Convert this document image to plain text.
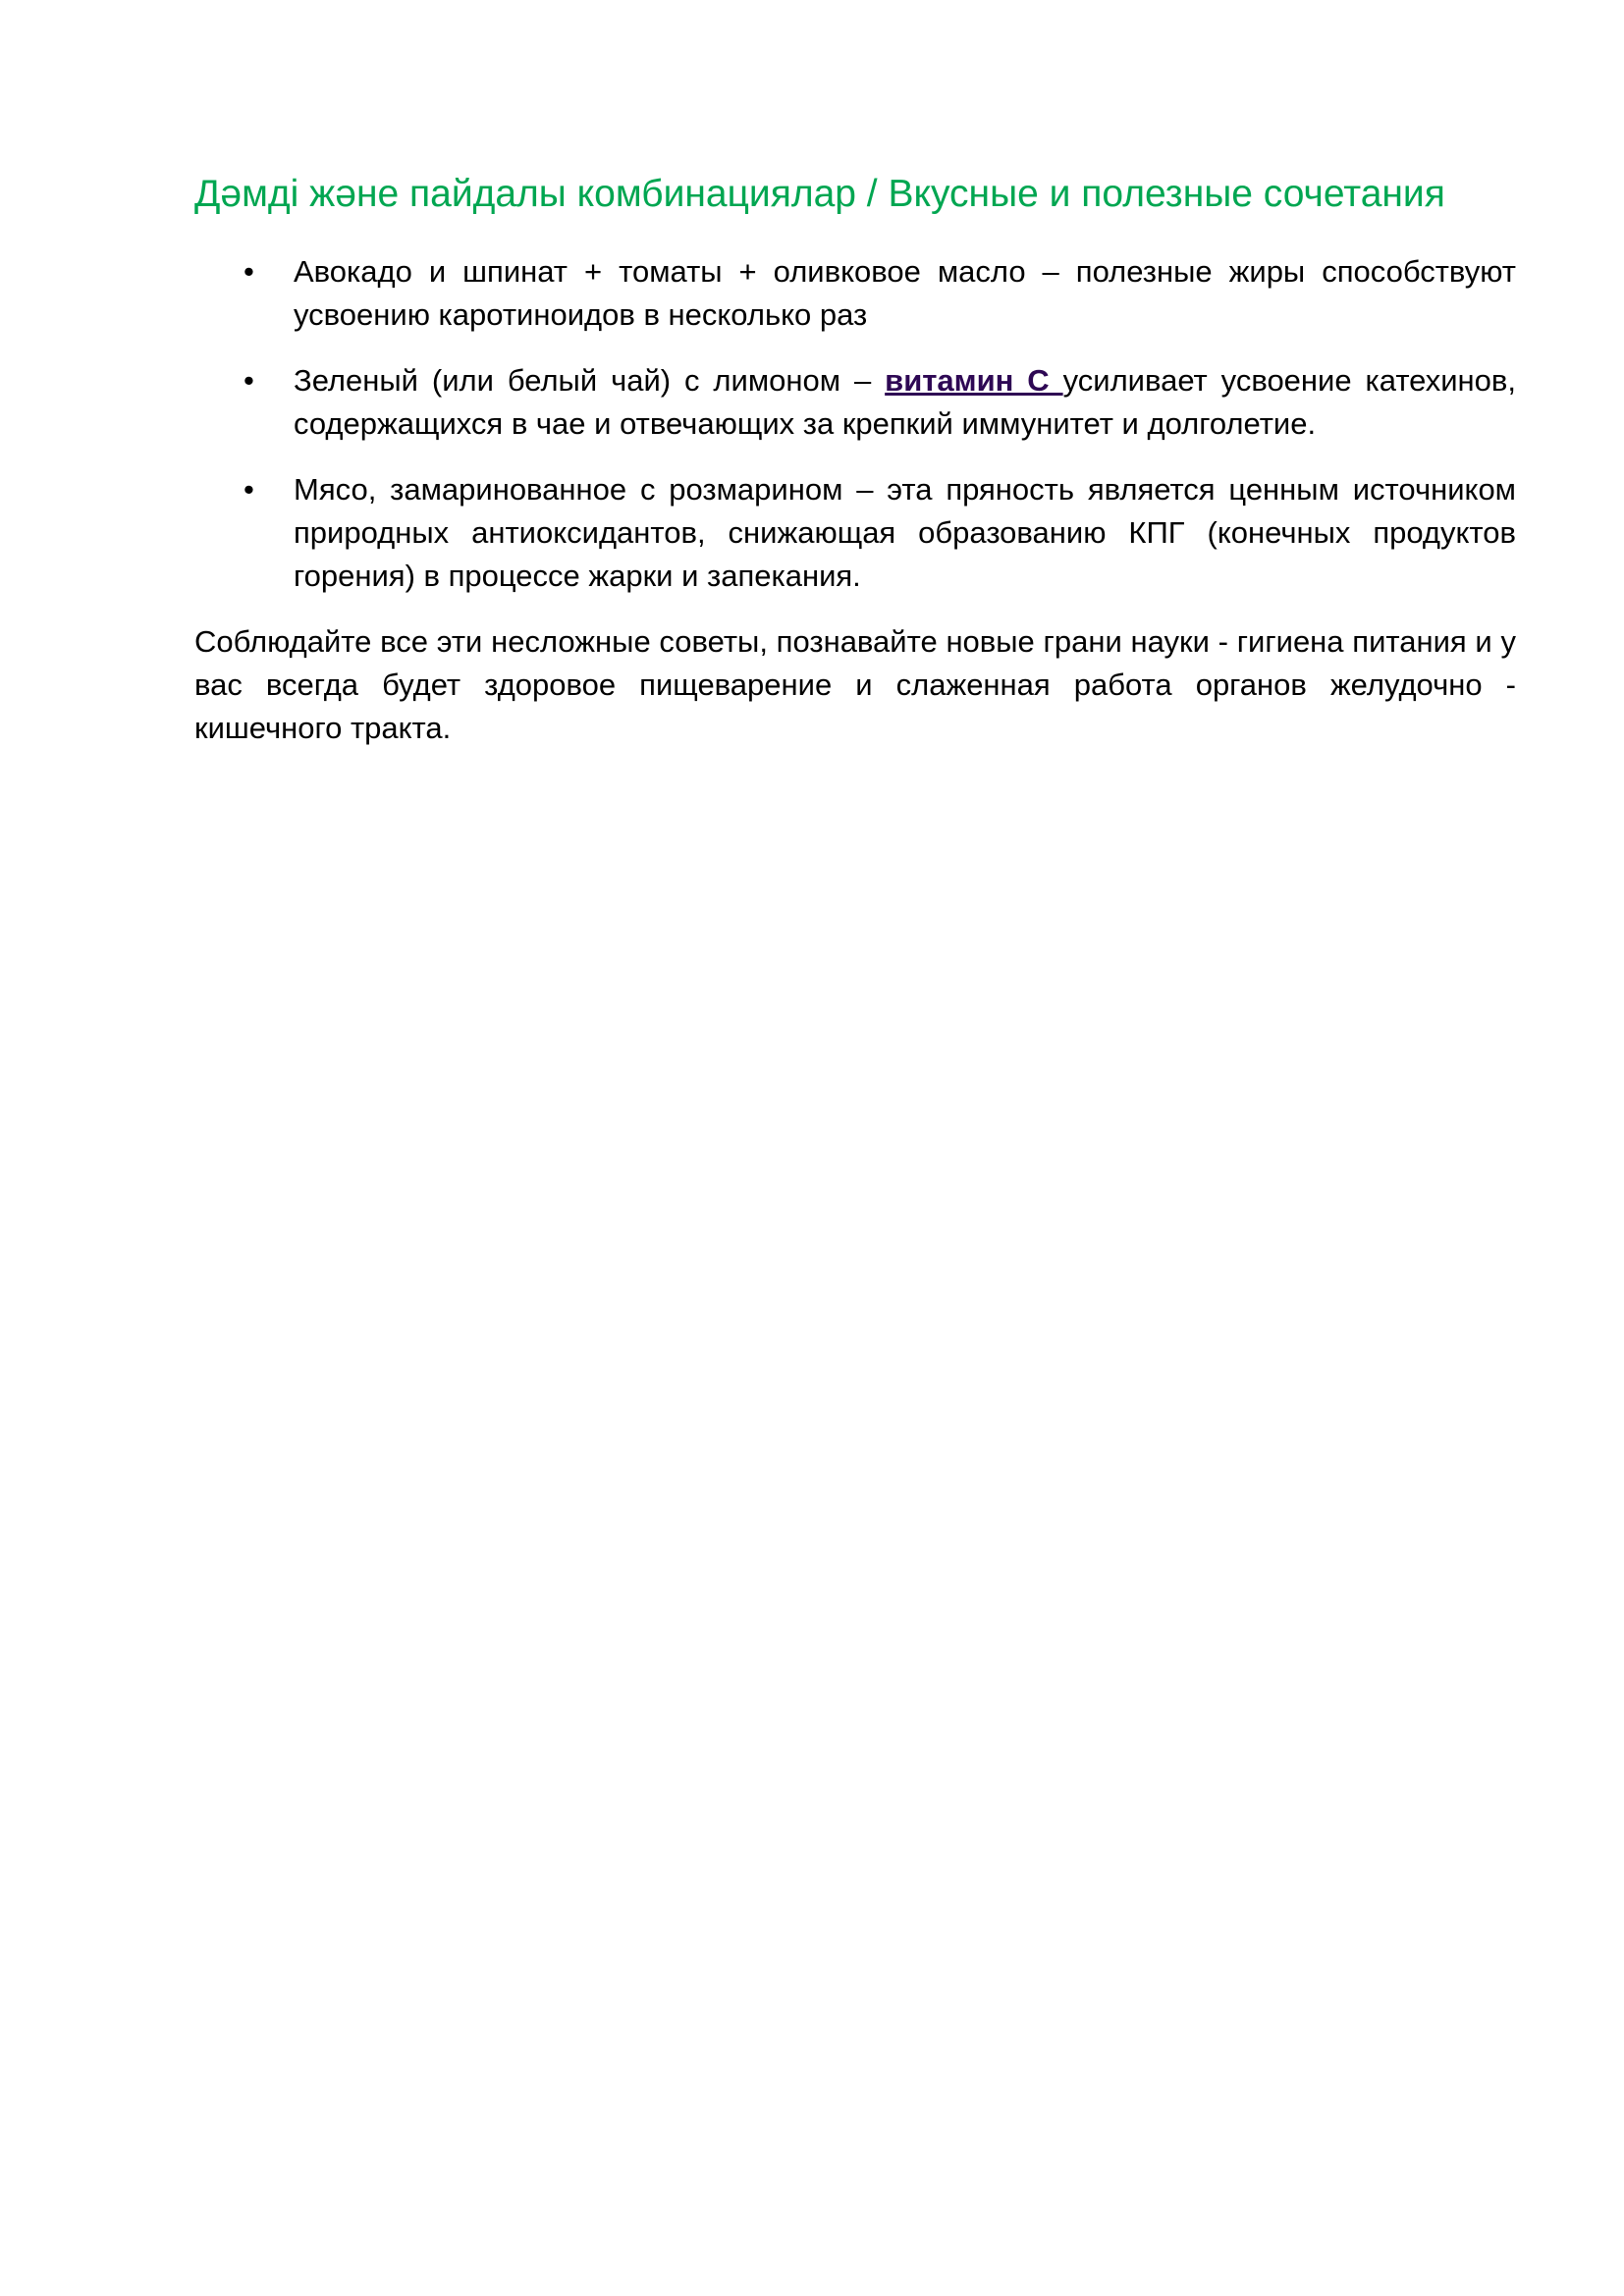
Дәмді және пайдалы комбинациялар / Вкусные и полезные сочетания
• Авокадо и шпинат + томаты + оливковое масло – полезные жиры способствуют усвоению каротиноидов в несколько раз
• Зеленый (или белый чай) с лимоном – витамин С усиливает усвоение катехинов, содержащихся в чае и отвечающих за крепкий иммунитет и долголетие.
• Мясо, замаринованное с розмарином – эта пряность является ценным источником природных антиоксидантов, снижающая образованию КПГ (конечных продуктов горения) в процессе жарки и запекания.

Соблюдайте все эти несложные советы, познавайте новые грани науки - гигиена питания и у вас всегда будет здоровое пищеварение и слаженная работа органов желудочно - кишечного тракта.
